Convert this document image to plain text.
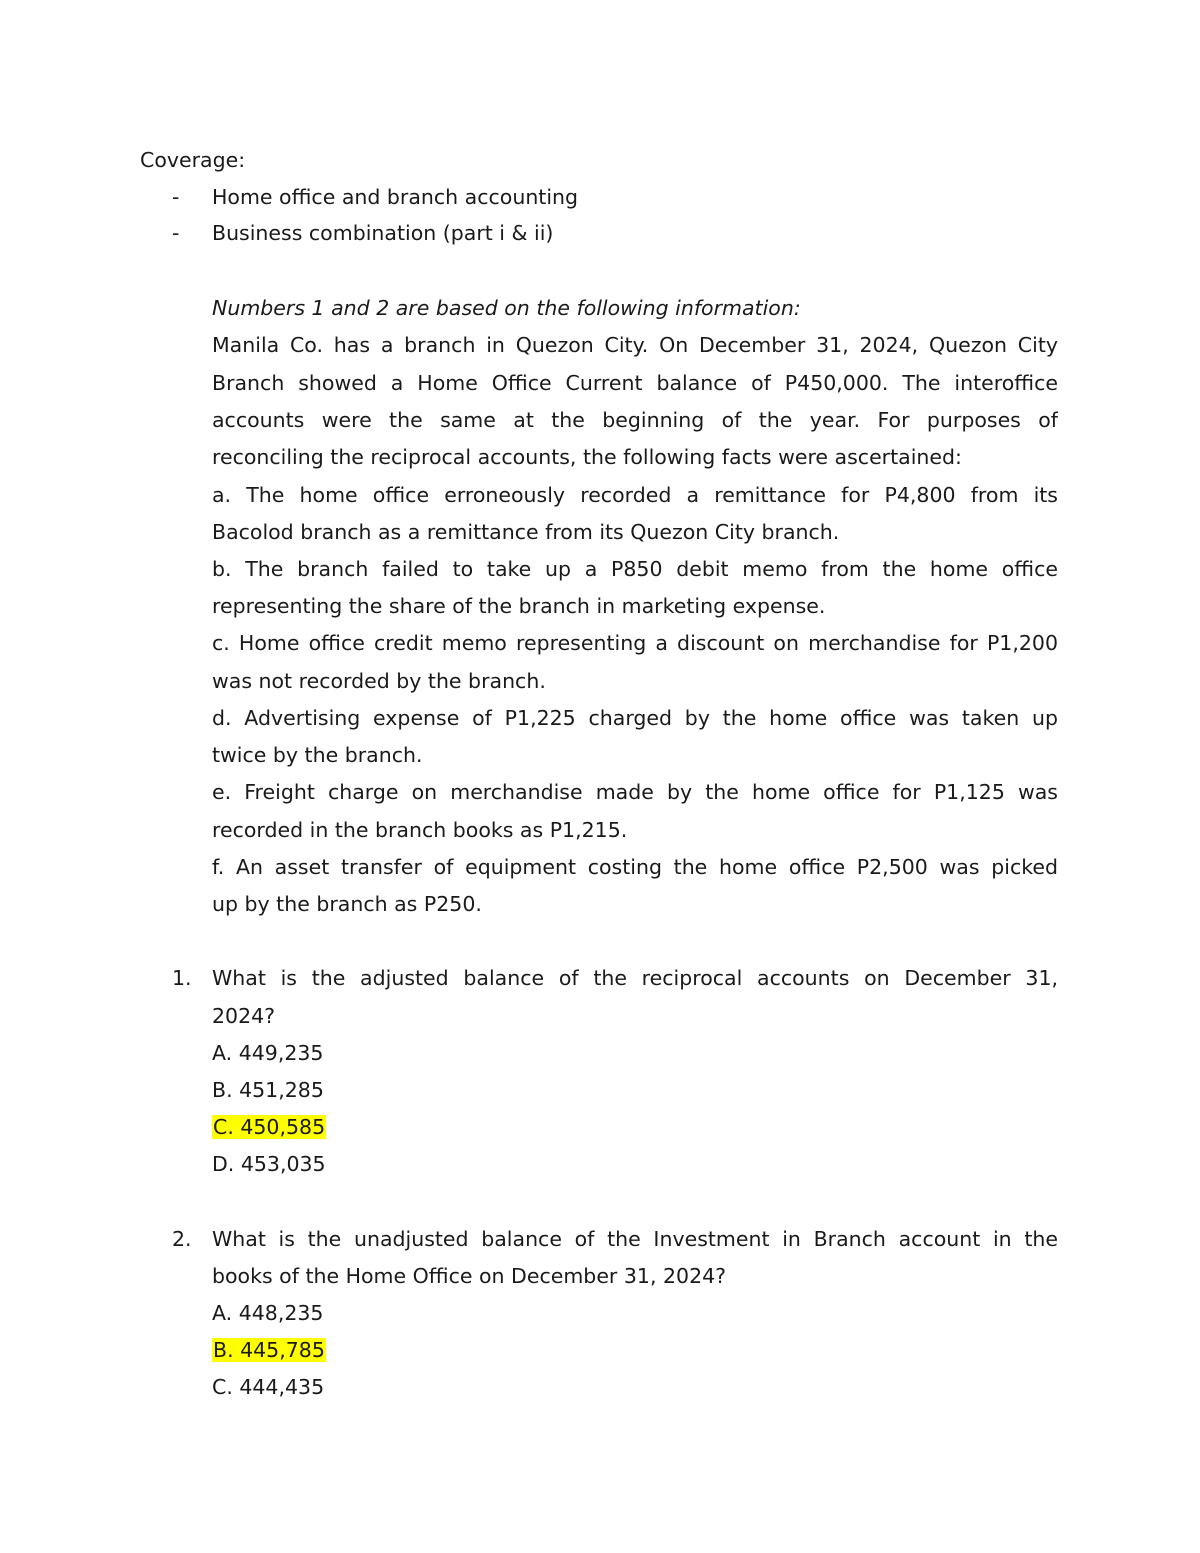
Coverage:
- Home office and branch accounting
- Business combination (part i & ii)
Numbers 1 and 2 are based on the following information:
Manila Co. has a branch in Quezon City. On December 31, 2024, Quezon City
Branch showed a Home Office Current balance of P450,000. The interoffice
accounts were the same at the beginning of the year. For purposes of
reconciling the reciprocal accounts, the following facts were ascertained:
a. The home office erroneously recorded a remittance for P4,800 from its
Bacolod branch as a remittance from its Quezon City branch.
b. The branch failed to take up a P850 debit memo from the home office
representing the share of the branch in marketing expense.
c. Home office credit memo representing a discount on merchandise for P1,200
was not recorded by the branch.
d. Advertising expense of P1,225 charged by the home office was taken up
twice by the branch.
e. Freight charge on merchandise made by the home office for P1,125 was
recorded in the branch books as P1,215.
f. An asset transfer of equipment costing the home office P2,500 was picked
up by the branch as P250.
1. What is the adjusted balance of the reciprocal accounts on December 31,
2024?
A. 449,235
B. 451,285
C. 450,585
D. 453,035
2. What is the unadjusted balance of the Investment in Branch account in the
books of the Home Office on December 31, 2024?
A. 448,235
B. 445,785
C. 444,435
